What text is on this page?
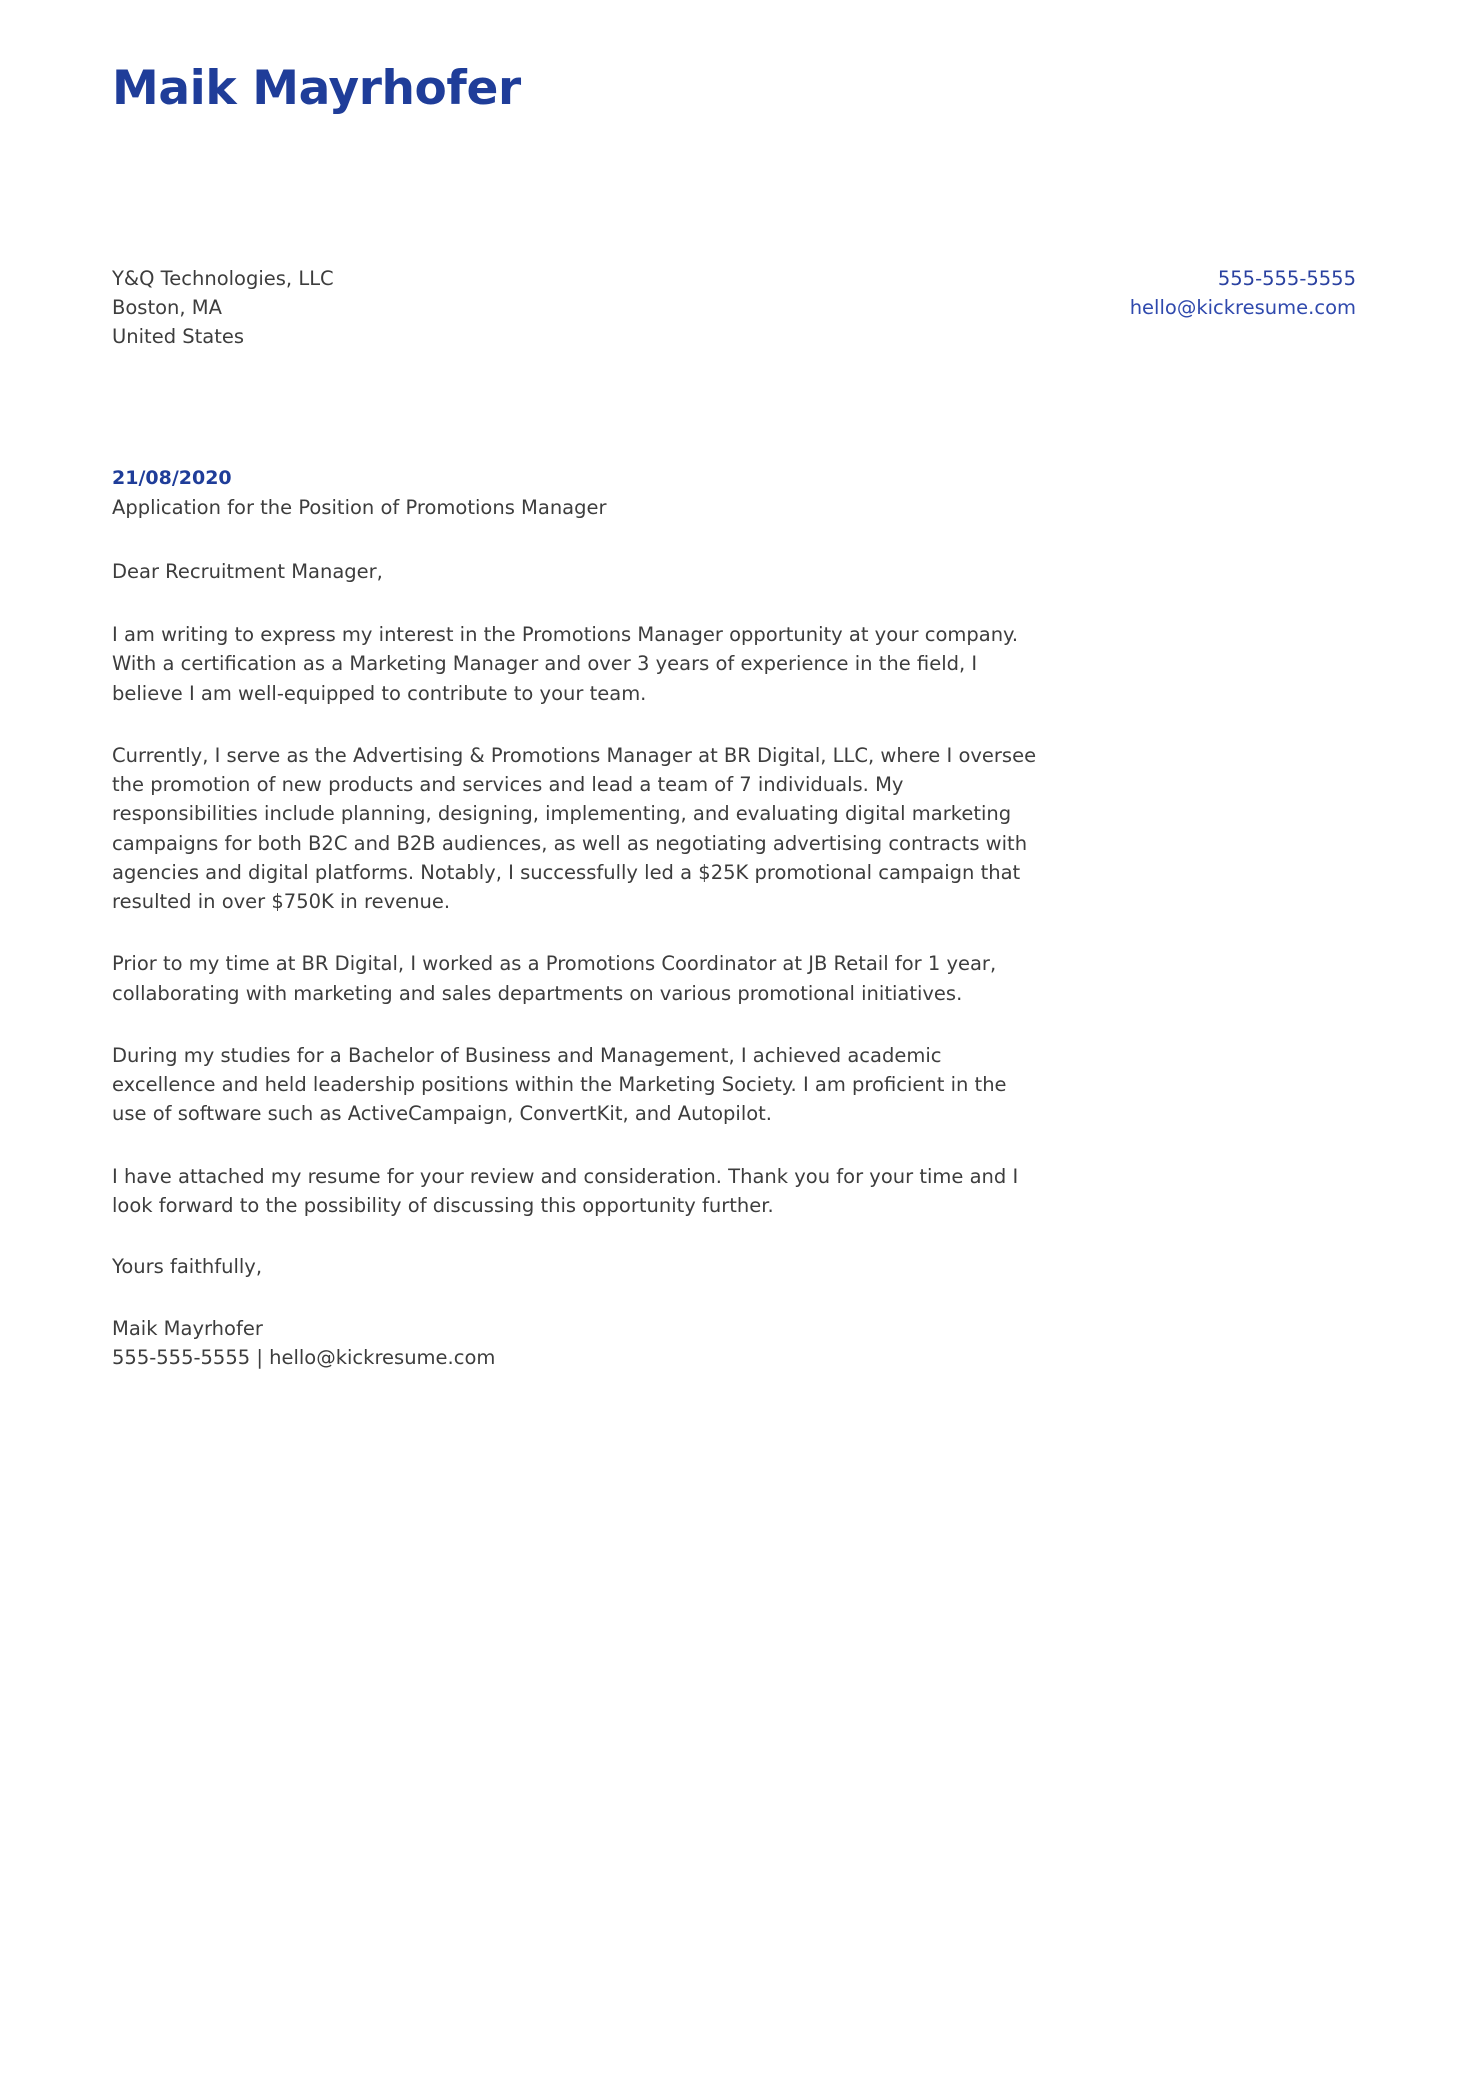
Maik Mayrhofer
Y&Q Technologies, LLC
Boston, MA
United States
555-555-5555
hello@kickresume.com

21/08/2020

Application for the Position of Promotions Manager

Dear Recruitment Manager,

I am writing to express my interest in the Promotions Manager opportunity at your company. With a certification as a Marketing Manager and over 3 years of experience in the field, I believe I am well-equipped to contribute to your team.

Currently, I serve as the Advertising & Promotions Manager at BR Digital, LLC, where I oversee the promotion of new products and services and lead a team of 7 individuals. My responsibilities include planning, designing, implementing, and evaluating digital marketing campaigns for both B2C and B2B audiences, as well as negotiating advertising contracts with agencies and digital platforms. Notably, I successfully led a $25K promotional campaign that resulted in over $750K in revenue.

Prior to my time at BR Digital, I worked as a Promotions Coordinator at JB Retail for 1 year, collaborating with marketing and sales departments on various promotional initiatives.

During my studies for a Bachelor of Business and Management, I achieved academic excellence and held leadership positions within the Marketing Society. I am proficient in the use of software such as ActiveCampaign, ConvertKit, and Autopilot.

I have attached my resume for your review and consideration. Thank you for your time and I look forward to the possibility of discussing this opportunity further.

Yours faithfully,

Maik Mayrhofer
555-555-5555 | hello@kickresume.com
